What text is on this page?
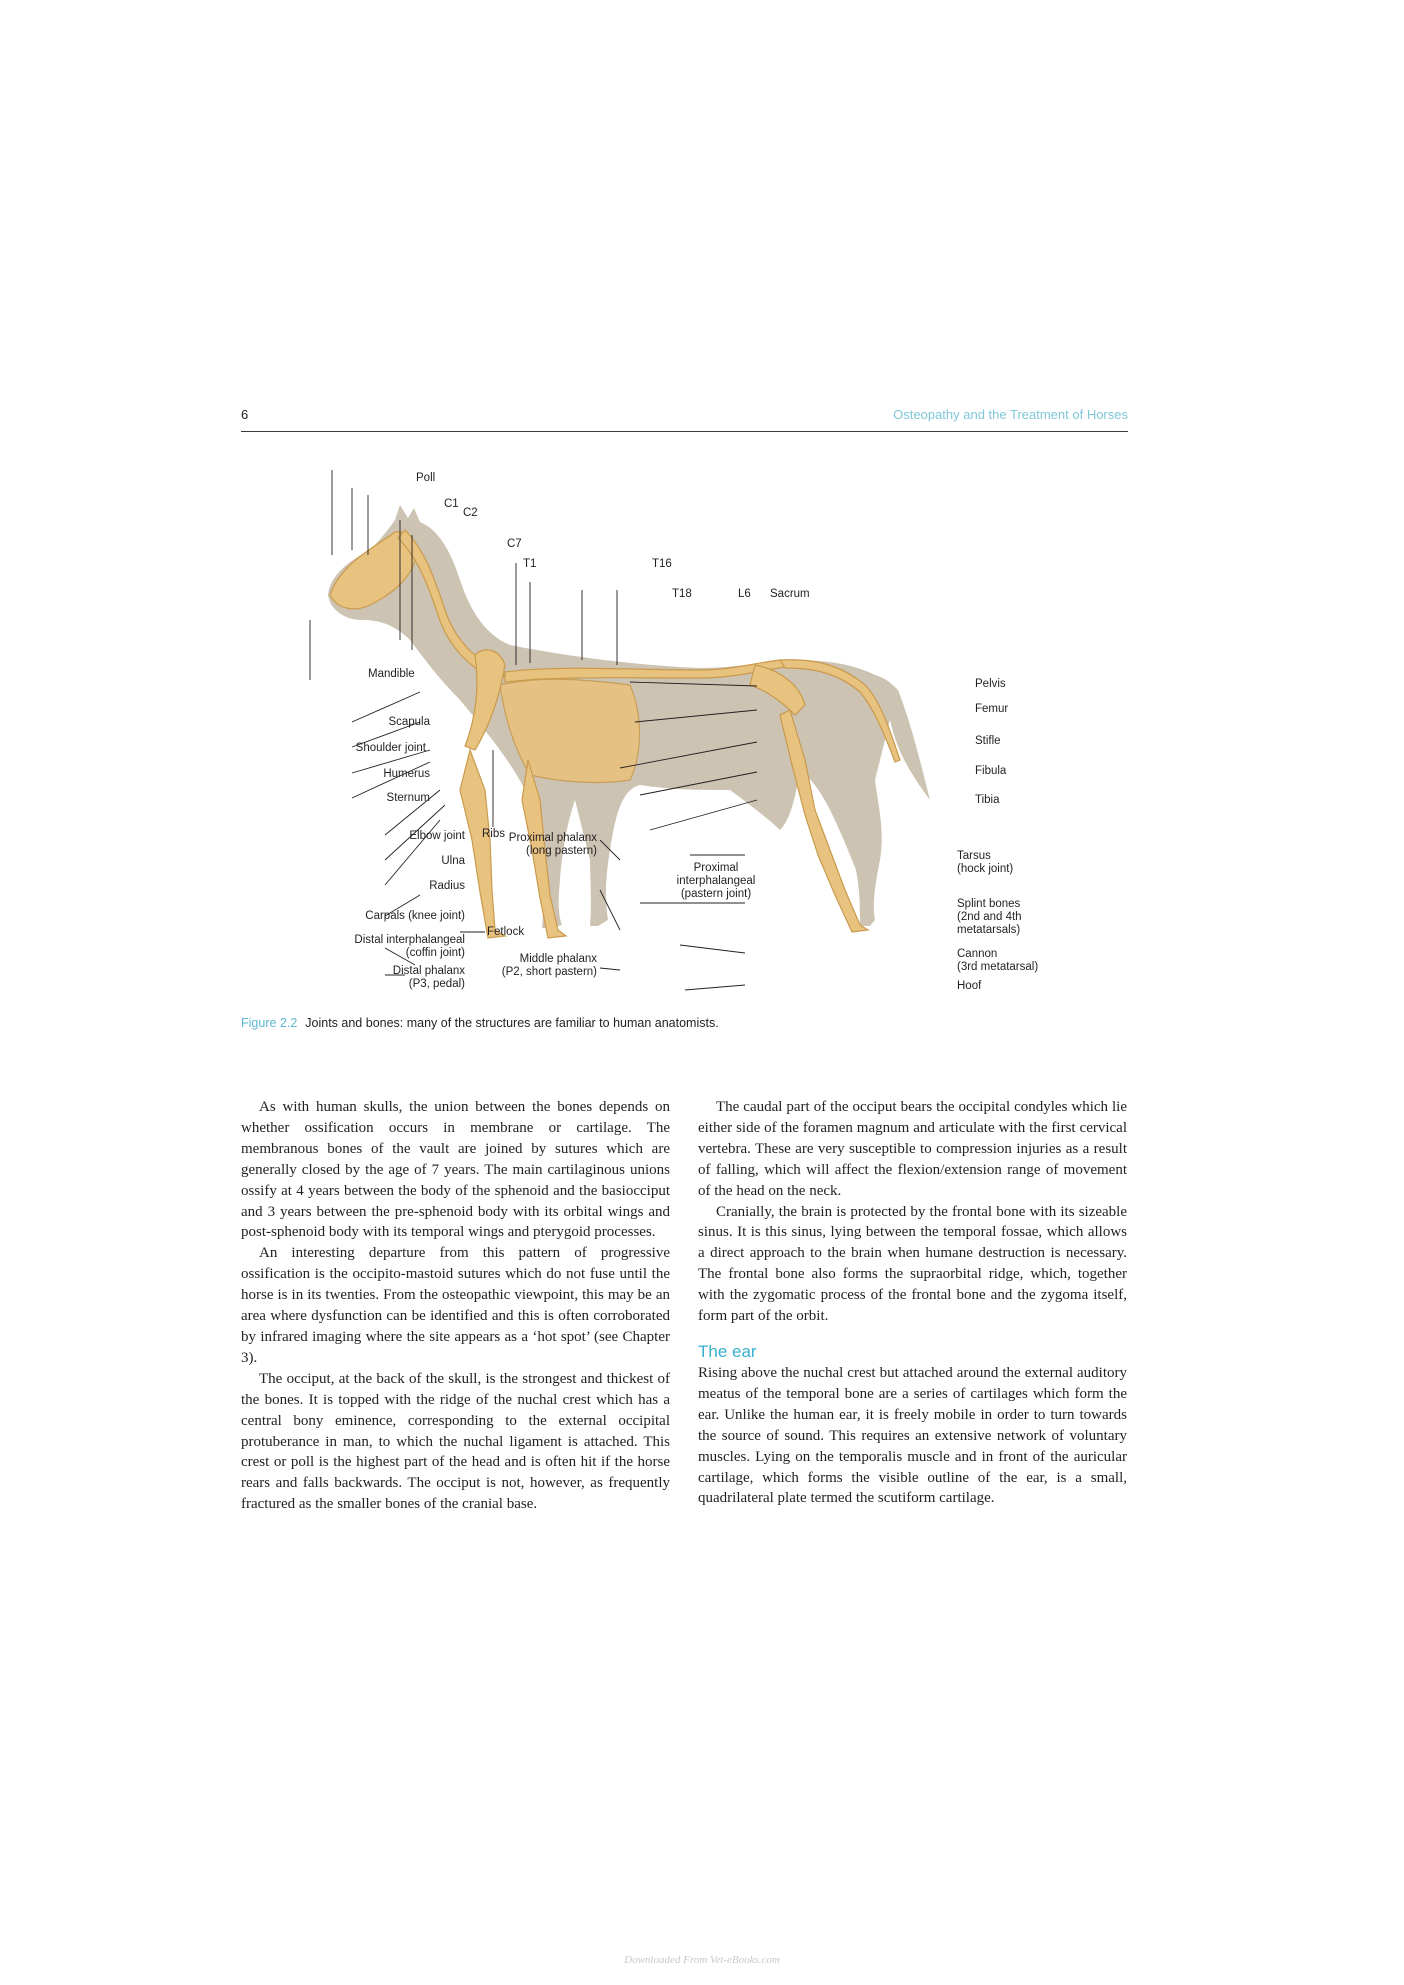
6	Osteopathy and the Treatment of Horses
Poll
C1
C2
C7
T1	T16
T18	L6 Sacrum
Mandible
Scapula
Shoulder joint
Humerus
Sternum
Elbow joint
Ulna
Radius
Carpals (knee joint)
Distal interphalangeal
(coffin joint)
Distal phalanx
(P3, pedal)
Ribs
Fetlock
Proximal phalanx
(long pastern)
Proximal
interphalangeal
(pastern joint)
Middle phalanx
(P2, short pastern)
Pelvis
Femur
Stifle
Fibula
Tibia
Tarsus
(hock joint)
Splint bones
(2nd and 4th
metatarsals)
Cannon
(3rd metatarsal)
Hoof
Figure 2.2 Joints and bones: many of the structures are familiar to human anatomists.

As with human skulls, the union between the bones depends on whether ossification occurs in membrane or cartilage. The membranous bones of the vault are joined by sutures which are generally closed by the age of 7 years. The main cartilaginous unions ossify at 4 years between the body of the sphenoid and the basiocciput and 3 years between the pre-sphenoid body with its orbital wings and post-sphenoid body with its temporal wings and pterygoid processes.

An interesting departure from this pattern of progressive ossification is the occipito-mastoid sutures which do not fuse until the horse is in its twenties. From the osteopathic viewpoint, this may be an area where dysfunction can be identified and this is often corroborated by infrared imaging where the site appears as a ‘hot spot’ (see Chapter 3).

The occiput, at the back of the skull, is the strongest and thickest of the bones. It is topped with the ridge of the nuchal crest which has a central bony eminence, corresponding to the external occipital protuberance in man, to which the nuchal ligament is attached. This crest or poll is the highest part of the head and is often hit if the horse rears and falls backwards. The occiput is not, however, as frequently fractured as the smaller bones of the cranial base.

The caudal part of the occiput bears the occipital condyles which lie either side of the foramen magnum and articulate with the first cervical vertebra. These are very susceptible to compression injuries as a result of falling, which will affect the flexion/extension range of movement of the head on the neck.

Cranially, the brain is protected by the frontal bone with its sizeable sinus. It is this sinus, lying between the temporal fossae, which allows a direct approach to the brain when humane destruction is necessary. The frontal bone also forms the supraorbital ridge, which, together with the zygomatic process of the frontal bone and the zygoma itself, form part of the orbit.

The ear

Rising above the nuchal crest but attached around the external auditory meatus of the temporal bone are a series of cartilages which form the ear. Unlike the human ear, it is freely mobile in order to turn towards the source of sound. This requires an extensive network of voluntary muscles. Lying on the temporalis muscle and in front of the auricular cartilage, which forms the visible outline of the ear, is a small, quadrilateral plate termed the scutiform cartilage.

Downloaded From Vet-eBooks.com
